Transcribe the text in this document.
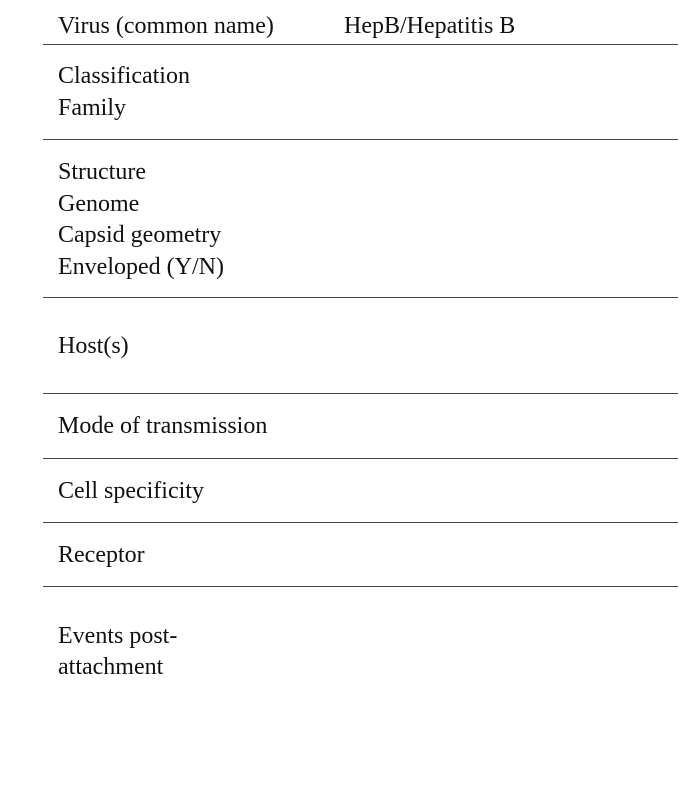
Virus (common name)	HepB/Hepatitis B
Classification
Family
Structure
Genome
Capsid geometry
Enveloped (Y/N)
Host(s)
Mode of transmission
Cell specificity
Receptor
Events post-
attachment
